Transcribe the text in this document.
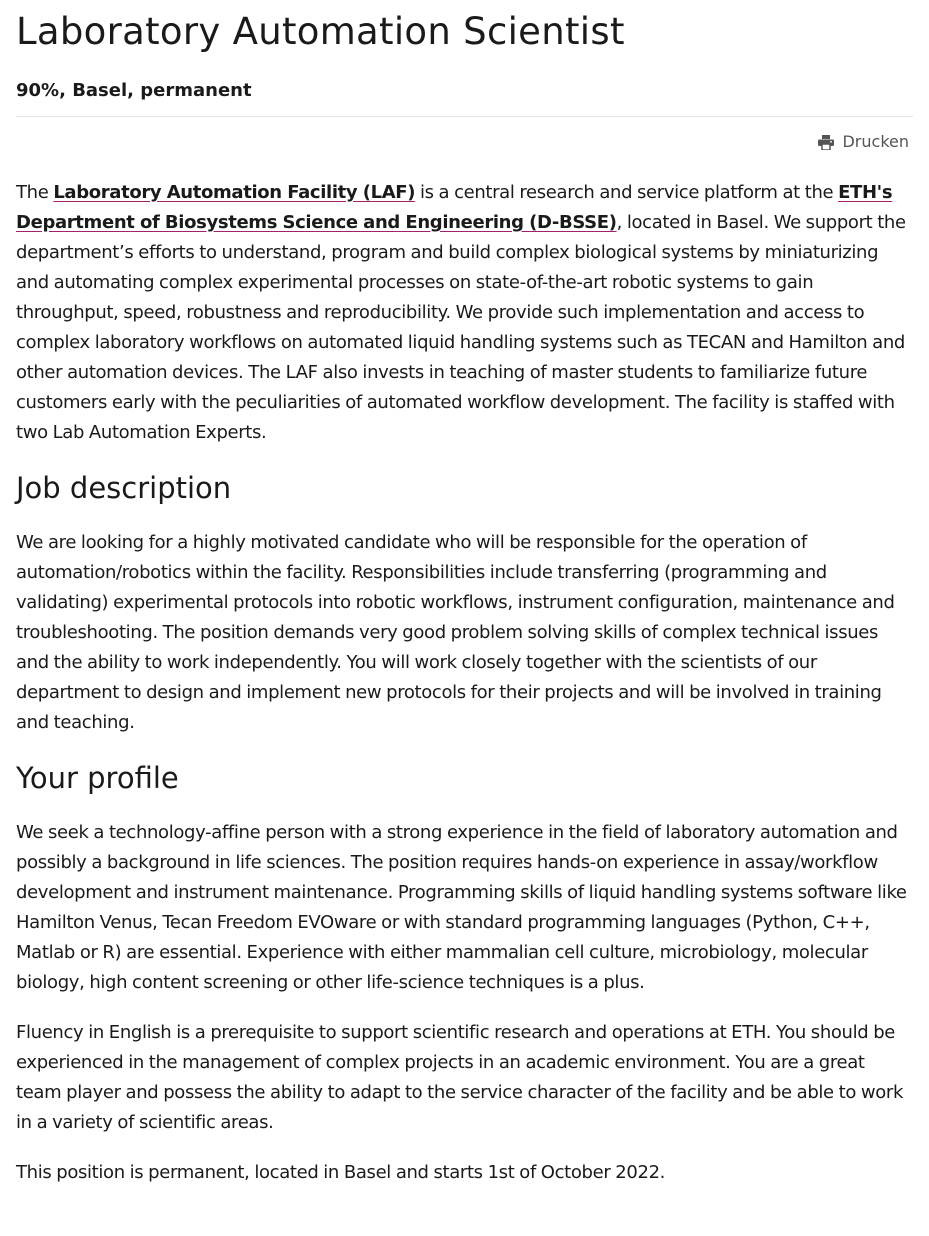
Laboratory Automation Scientist
90%, Basel, permanent
Drucken

The Laboratory Automation Facility (LAF) is a central research and service platform at the ETH's Department of Biosystems Science and Engineering (D-BSSE), located in Basel. We support the department’s efforts to understand, program and build complex biological systems by miniaturizing and automating complex experimental processes on state-of-the-art robotic systems to gain throughput, speed, robustness and reproducibility. We provide such implementation and access to complex laboratory workflows on automated liquid handling systems such as TECAN and Hamilton and other automation devices. The LAF also invests in teaching of master students to familiarize future customers early with the peculiarities of automated workflow development. The facility is staffed with two Lab Automation Experts.

Job description

We are looking for a highly motivated candidate who will be responsible for the operation of automation/robotics within the facility. Responsibilities include transferring (programming and validating) experimental protocols into robotic workflows, instrument configuration, maintenance and troubleshooting. The position demands very good problem solving skills of complex technical issues and the ability to work independently. You will work closely together with the scientists of our department to design and implement new protocols for their projects and will be involved in training and teaching.

Your profile

We seek a technology-affine person with a strong experience in the field of laboratory automation and possibly a background in life sciences. The position requires hands-on experience in assay/workflow development and instrument maintenance. Programming skills of liquid handling systems software like Hamilton Venus, Tecan Freedom EVOware or with standard programming languages (Python, C++, Matlab or R) are essential. Experience with either mammalian cell culture, microbiology, molecular biology, high content screening or other life-science techniques is a plus.

Fluency in English is a prerequisite to support scientific research and operations at ETH. You should be experienced in the management of complex projects in an academic environment. You are a great team player and possess the ability to adapt to the service character of the facility and be able to work in a variety of scientific areas.

This position is permanent, located in Basel and starts 1st of October 2022.
